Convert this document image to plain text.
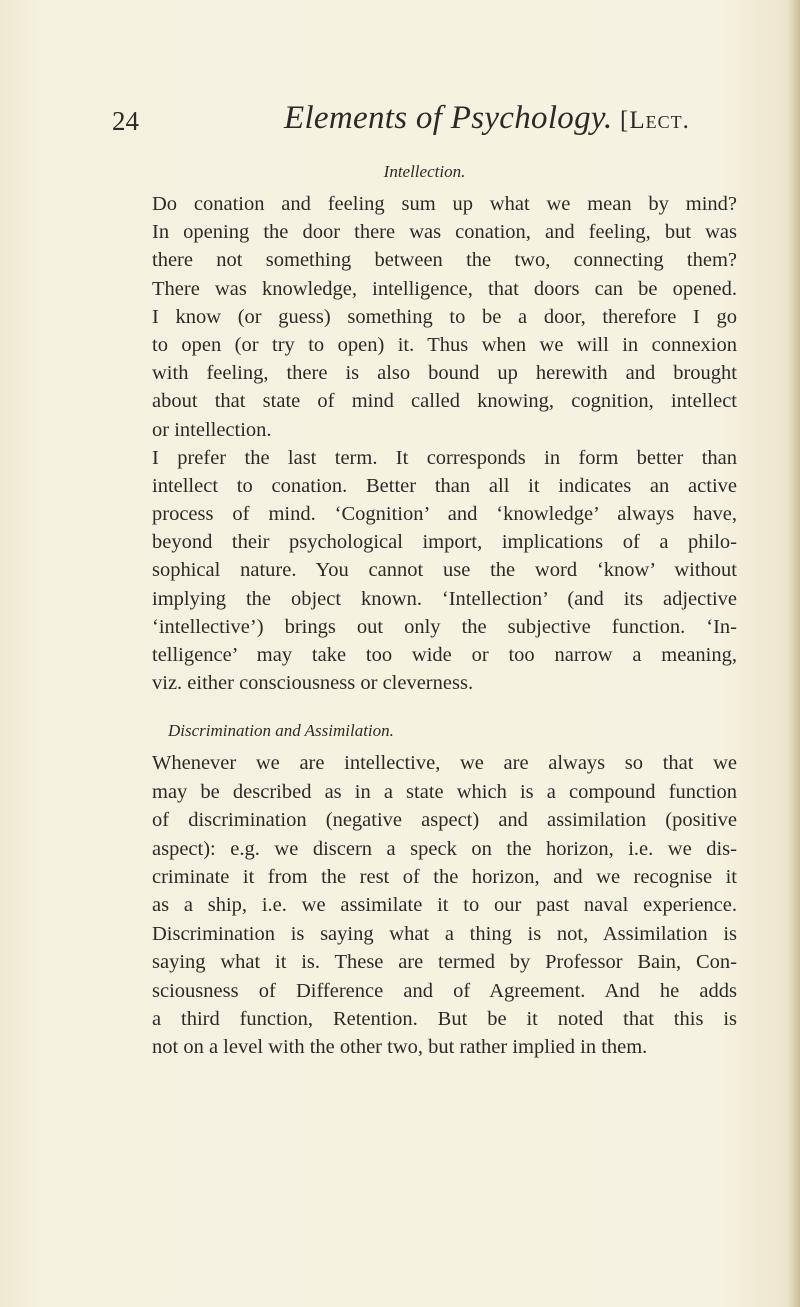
24	Elements of Psychology. [Lect.
Intellection.
Do conation and feeling sum up what we mean by mind?
In opening the door there was conation, and feeling, but was
there not something between the two, connecting them?
There was knowledge, intelligence, that doors can be opened.
I know (or guess) something to be a door, therefore I go
to open (or try to open) it. Thus when we will in connexion
with feeling, there is also bound up herewith and brought
about that state of mind called knowing, cognition, intellect
or intellection.
I prefer the last term. It corresponds in form better than
intellect to conation. Better than all it indicates an active
process of mind. ‘Cognition’ and ‘knowledge’ always have,
beyond their psychological import, implications of a philo-
sophical nature. You cannot use the word ‘know’ without
implying the object known. ‘Intellection’ (and its adjective
‘intellective’) brings out only the subjective function. ‘In-
telligence’ may take too wide or too narrow a meaning,
viz. either consciousness or cleverness.
Discrimination and Assimilation.
Whenever we are intellective, we are always so that we
may be described as in a state which is a compound function
of discrimination (negative aspect) and assimilation (positive
aspect): e.g. we discern a speck on the horizon, i.e. we dis-
criminate it from the rest of the horizon, and we recognise it
as a ship, i.e. we assimilate it to our past naval experience.
Discrimination is saying what a thing is not, Assimilation is
saying what it is. These are termed by Professor Bain, Con-
sciousness of Difference and of Agreement. And he adds
a third function, Retention. But be it noted that this is
not on a level with the other two, but rather implied in them.
